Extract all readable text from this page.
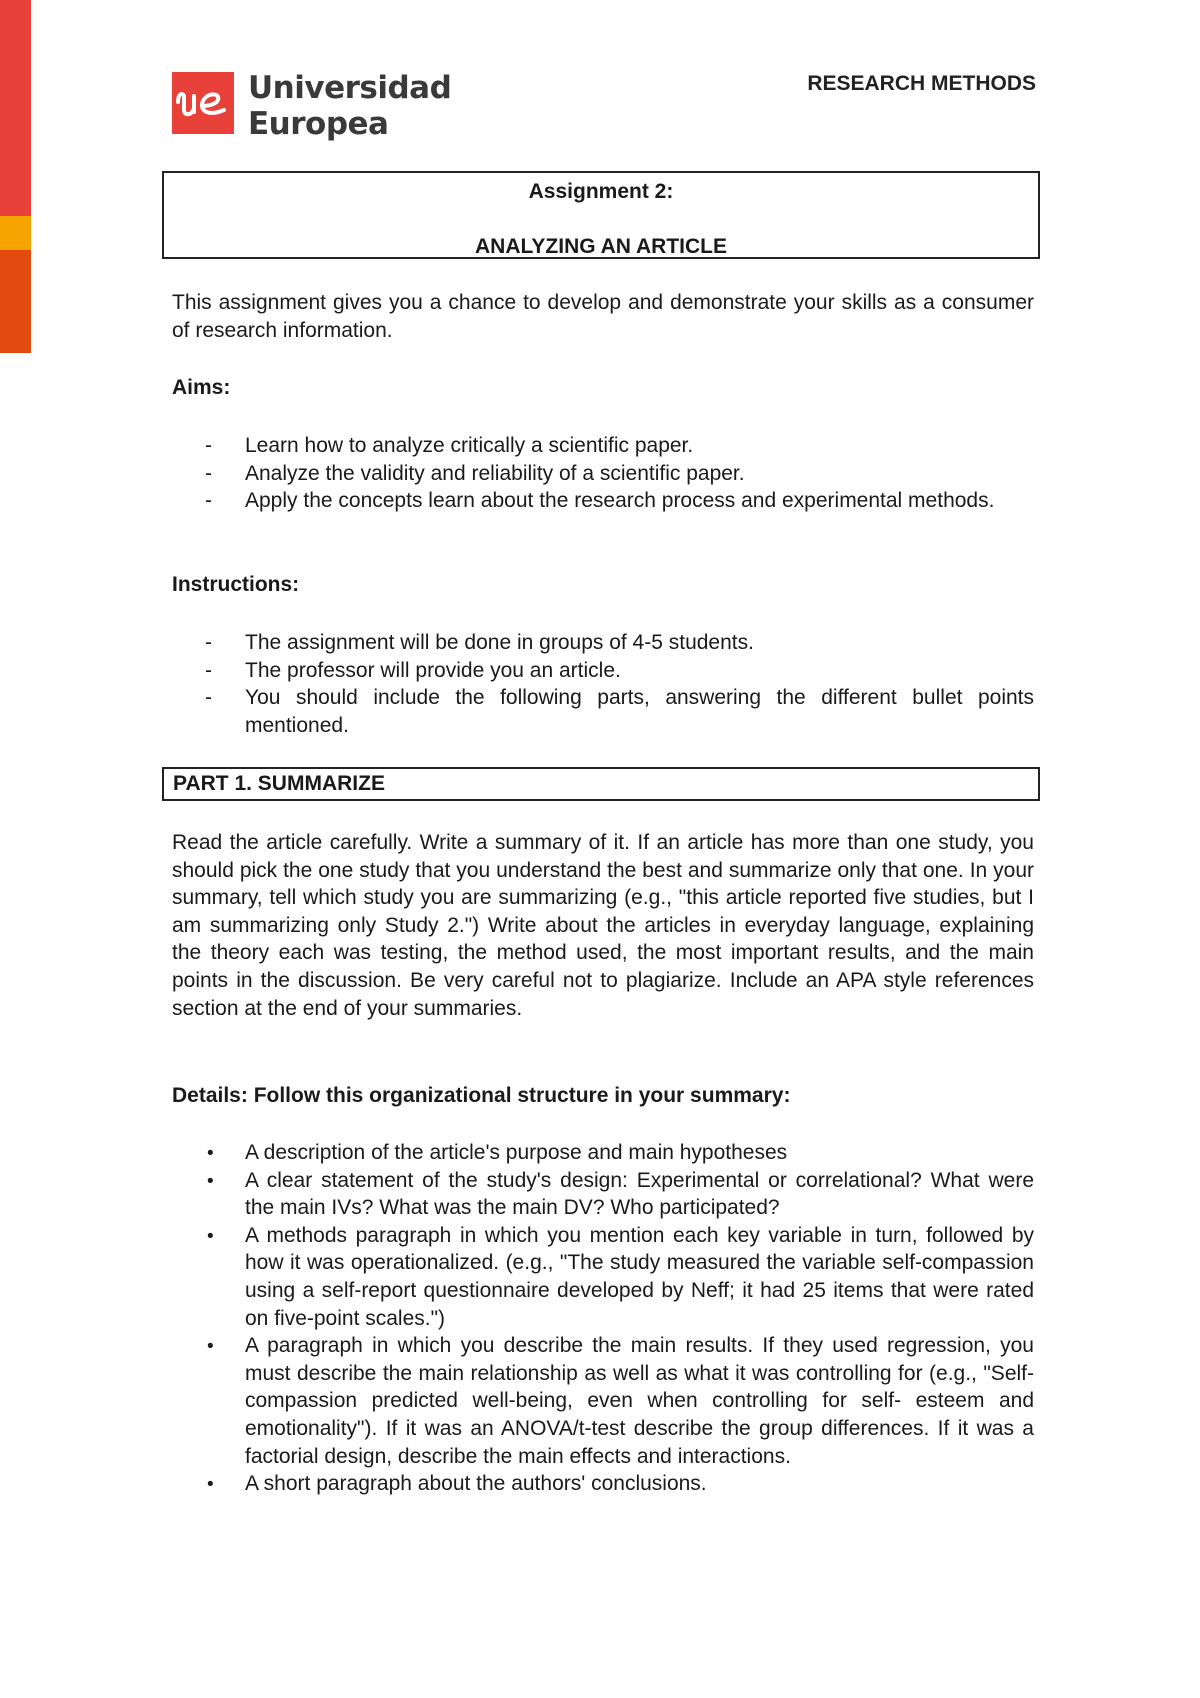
Universidad
Europea
RESEARCH METHODS
Assignment 2:
ANALYZING AN ARTICLE
This assignment gives you a chance to develop and demonstrate your skills as a consumer of research information.
Aims:
- Learn how to analyze critically a scientific paper.
- Analyze the validity and reliability of a scientific paper.
- Apply the concepts learn about the research process and experimental methods.
Instructions:
- The assignment will be done in groups of 4-5 students.
- The professor will provide you an article.
- You should include the following parts, answering the different bullet points mentioned.
PART 1. SUMMARIZE
Read the article carefully. Write a summary of it. If an article has more than one study, you should pick the one study that you understand the best and summarize only that one. In your summary, tell which study you are summarizing (e.g., "this article reported five studies, but I am summarizing only Study 2.") Write about the articles in everyday language, explaining the theory each was testing, the method used, the most important results, and the main points in the discussion. Be very careful not to plagiarize. Include an APA style references section at the end of your summaries.
Details: Follow this organizational structure in your summary:
• A description of the article's purpose and main hypotheses
• A clear statement of the study's design: Experimental or correlational? What were the main IVs? What was the main DV? Who participated?
• A methods paragraph in which you mention each key variable in turn, followed by how it was operationalized. (e.g., "The study measured the variable self-compassion using a self-report questionnaire developed by Neff; it had 25 items that were rated on five-point scales.")
• A paragraph in which you describe the main results. If they used regression, you must describe the main relationship as well as what it was controlling for (e.g., "Self-compassion predicted well-being, even when controlling for self- esteem and emotionality"). If it was an ANOVA/t-test describe the group differences. If it was a factorial design, describe the main effects and interactions.
• A short paragraph about the authors' conclusions.
